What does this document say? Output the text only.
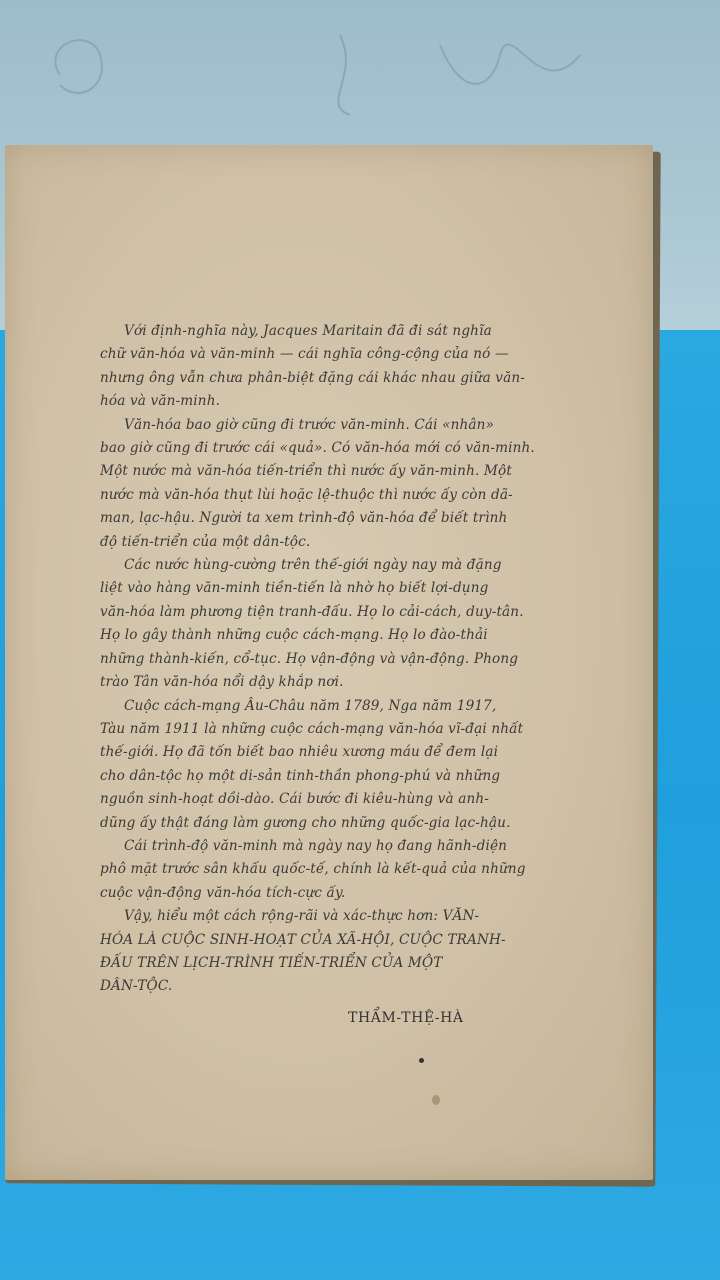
Với định-nghĩa này, Jacques Maritain đã đi sát nghĩa
chữ văn-hóa và văn-minh — cái nghĩa công-cộng của nó —
nhưng ông vẫn chưa phân-biệt đặng cái khác nhau giữa văn-
hóa và văn-minh.

Văn-hóa bao giờ cũng đi trước văn-minh. Cái «nhân»
bao giờ cũng đi trước cái «quả». Có văn-hóa mới có văn-minh.
Một nước mà văn-hóa tiến-triển thì nước ấy văn-minh. Một
nước mà văn-hóa thụt lùi hoặc lệ-thuộc thì nước ấy còn dã-
man, lạc-hậu. Người ta xem trình-độ văn-hóa để biết trình
độ tiến-triển của một dân-tộc.

Các nước hùng-cường trên thế-giới ngày nay mà đặng
liệt vào hàng văn-minh tiền-tiến là nhờ họ biết lợi-dụng
văn-hóa làm phương tiện tranh-đấu. Họ lo cải-cách, duy-tân.
Họ lo gây thành những cuộc cách-mạng. Họ lo đào-thải
những thành-kiến, cổ-tục. Họ vận-động và vận-động. Phong
trào Tân văn-hóa nổi dậy khắp nơi.

Cuộc cách-mạng Âu-Châu năm 1789, Nga năm 1917,
Tàu năm 1911 là những cuộc cách-mạng văn-hóa vĩ-đại nhất
thế-giới. Họ đã tốn biết bao nhiêu xương máu để đem lại
cho dân-tộc họ một di-sản tinh-thần phong-phú và những
nguồn sinh-hoạt dồi-dào. Cái bước đi kiêu-hùng và anh-
dũng ấy thật đáng làm gương cho những quốc-gia lạc-hậu.

Cái trình-độ văn-minh mà ngày nay họ đang hãnh-diện
phô mặt trước sân khấu quốc-tế, chính là kết-quả của những
cuộc vận-động văn-hóa tích-cực ấy.

Vậy, hiểu một cách rộng-rãi và xác-thực hơn: VĂN-
HÓA LÀ CUỘC SINH-HOẠT CỦA XÃ-HỘI, CUỘC TRANH-
ĐẤU TRÊN LỊCH-TRÌNH TIẾN-TRIỂN CỦA MỘT
DÂN-TỘC.

THẨM-THỆ-HÀ
